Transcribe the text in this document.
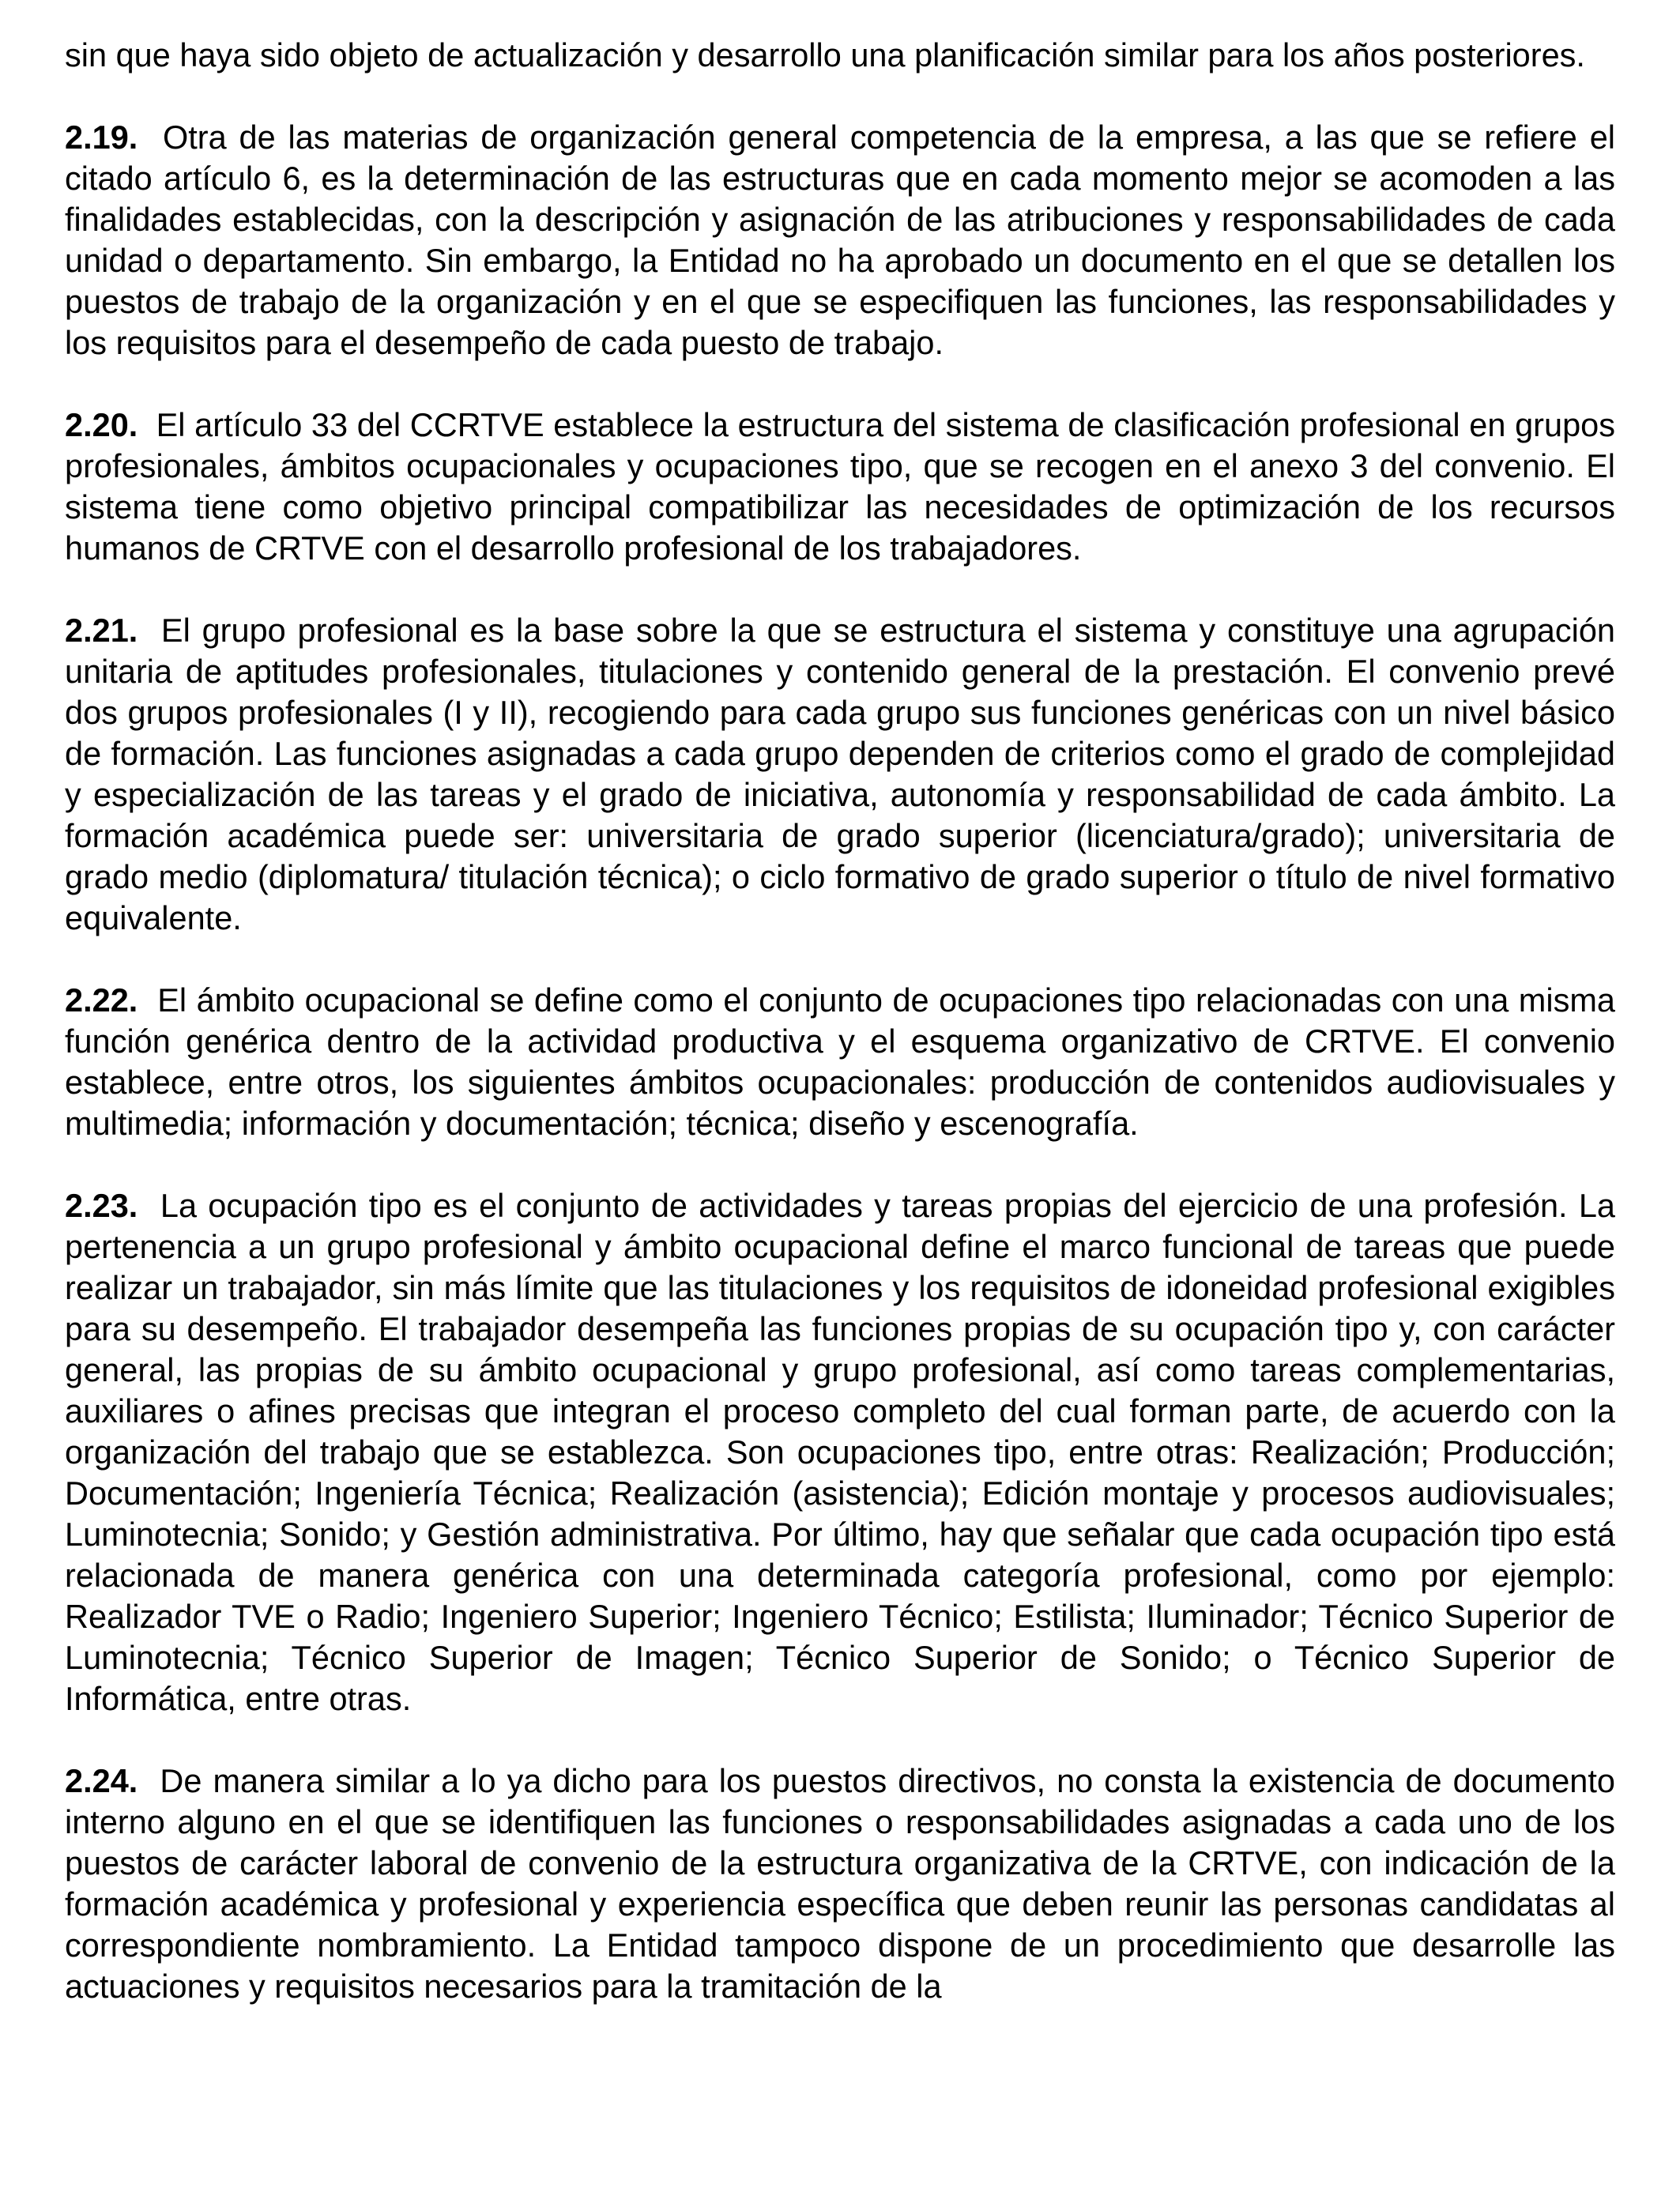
sin que haya sido objeto de actualización y desarrollo una planificación similar para los años posteriores.

2.19. Otra de las materias de organización general competencia de la empresa, a las que se refiere el citado artículo 6, es la determinación de las estructuras que en cada momento mejor se acomoden a las finalidades establecidas, con la descripción y asignación de las atribuciones y responsabilidades de cada unidad o departamento. Sin embargo, la Entidad no ha aprobado un documento en el que se detallen los puestos de trabajo de la organización y en el que se especifiquen las funciones, las responsabilidades y los requisitos para el desempeño de cada puesto de trabajo.

2.20. El artículo 33 del CCRTVE establece la estructura del sistema de clasificación profesional en grupos profesionales, ámbitos ocupacionales y ocupaciones tipo, que se recogen en el anexo 3 del convenio. El sistema tiene como objetivo principal compatibilizar las necesidades de optimización de los recursos humanos de CRTVE con el desarrollo profesional de los trabajadores.

2.21. El grupo profesional es la base sobre la que se estructura el sistema y constituye una agrupación unitaria de aptitudes profesionales, titulaciones y contenido general de la prestación. El convenio prevé dos grupos profesionales (I y II), recogiendo para cada grupo sus funciones genéricas con un nivel básico de formación. Las funciones asignadas a cada grupo dependen de criterios como el grado de complejidad y especialización de las tareas y el grado de iniciativa, autonomía y responsabilidad de cada ámbito. La formación académica puede ser: universitaria de grado superior (licenciatura/grado); universitaria de grado medio (diplomatura/ titulación técnica); o ciclo formativo de grado superior o título de nivel formativo equivalente.

2.22. El ámbito ocupacional se define como el conjunto de ocupaciones tipo relacionadas con una misma función genérica dentro de la actividad productiva y el esquema organizativo de CRTVE. El convenio establece, entre otros, los siguientes ámbitos ocupacionales: producción de contenidos audiovisuales y multimedia; información y documentación; técnica; diseño y escenografía.

2.23. La ocupación tipo es el conjunto de actividades y tareas propias del ejercicio de una profesión. La pertenencia a un grupo profesional y ámbito ocupacional define el marco funcional de tareas que puede realizar un trabajador, sin más límite que las titulaciones y los requisitos de idoneidad profesional exigibles para su desempeño. El trabajador desempeña las funciones propias de su ocupación tipo y, con carácter general, las propias de su ámbito ocupacional y grupo profesional, así como tareas complementarias, auxiliares o afines precisas que integran el proceso completo del cual forman parte, de acuerdo con la organización del trabajo que se establezca. Son ocupaciones tipo, entre otras: Realización; Producción; Documentación; Ingeniería Técnica; Realización (asistencia); Edición montaje y procesos audiovisuales; Luminotecnia; Sonido; y Gestión administrativa. Por último, hay que señalar que cada ocupación tipo está relacionada de manera genérica con una determinada categoría profesional, como por ejemplo: Realizador TVE o Radio; Ingeniero Superior; Ingeniero Técnico; Estilista; Iluminador; Técnico Superior de Luminotecnia; Técnico Superior de Imagen; Técnico Superior de Sonido; o Técnico Superior de Informática, entre otras.

2.24. De manera similar a lo ya dicho para los puestos directivos, no consta la existencia de documento interno alguno en el que se identifiquen las funciones o responsabilidades asignadas a cada uno de los puestos de carácter laboral de convenio de la estructura organizativa de la CRTVE, con indicación de la formación académica y profesional y experiencia específica que deben reunir las personas candidatas al correspondiente nombramiento. La Entidad tampoco dispone de un procedimiento que desarrolle las actuaciones y requisitos necesarios para la tramitación de la
